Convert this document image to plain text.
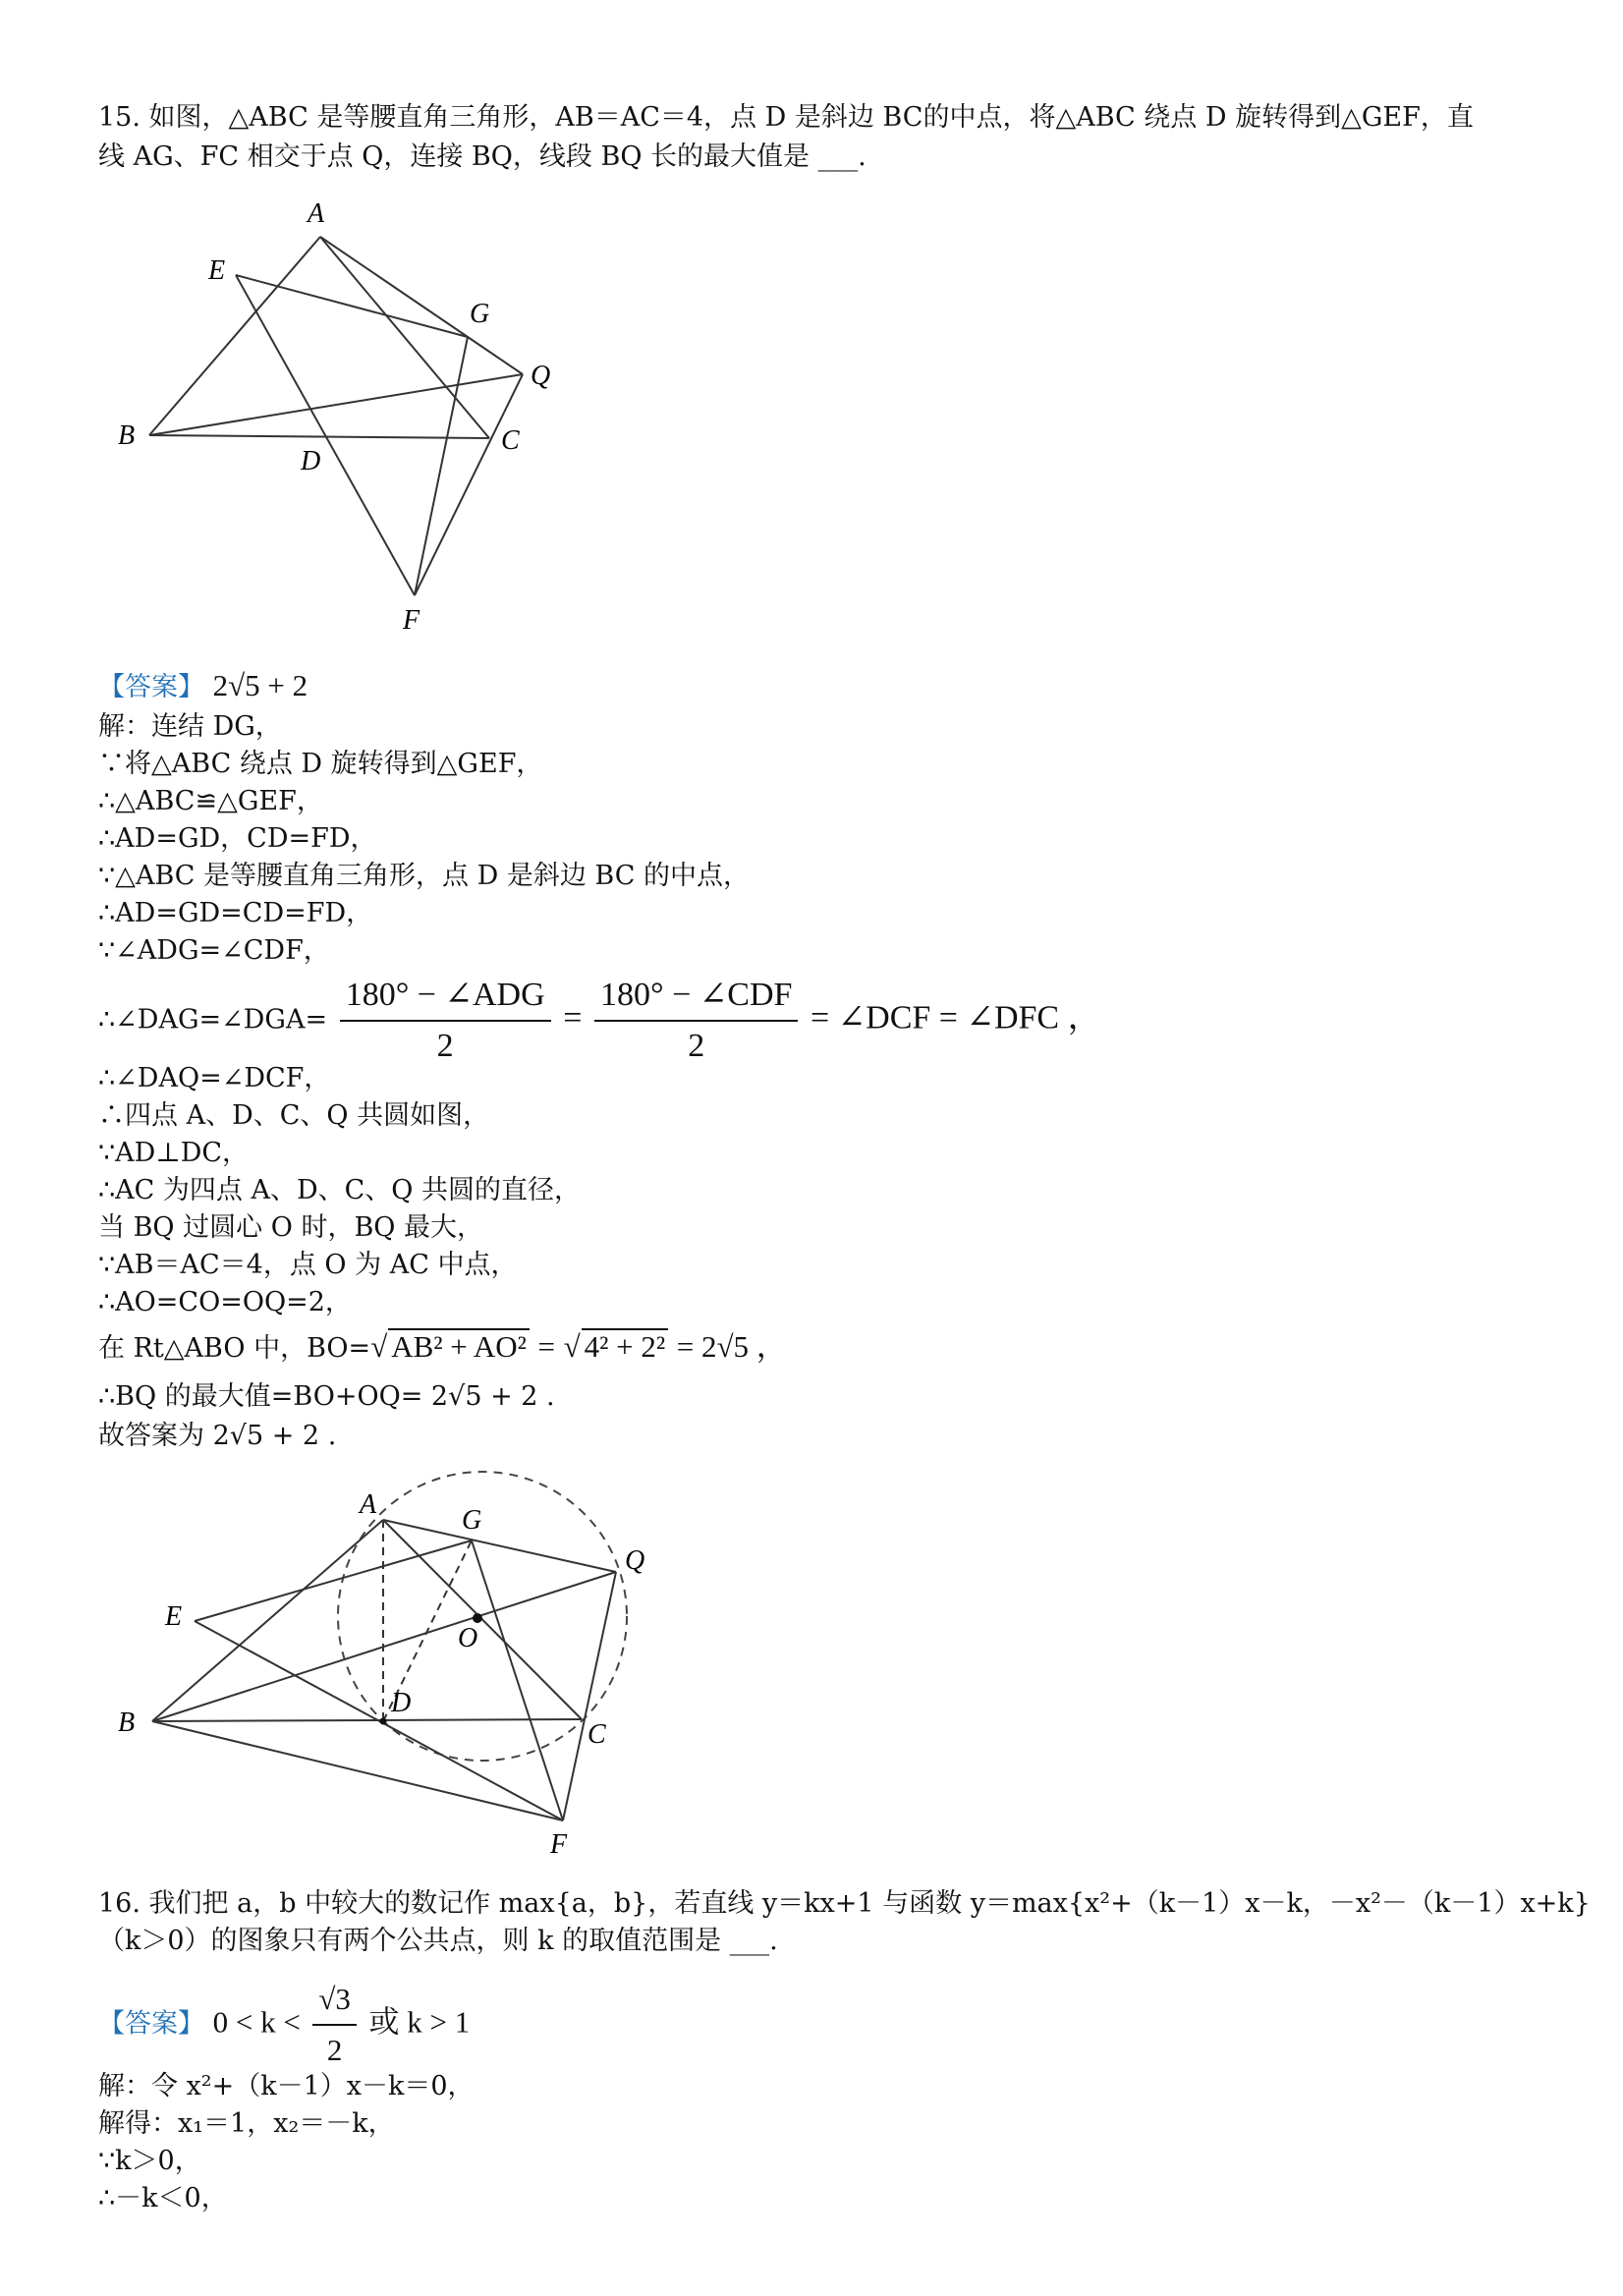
15. 如图，△ABC 是等腰直角三角形，AB＝AC＝4，点 D 是斜边 BC的中点，将△ABC 绕点 D 旋转得到△GEF，直
线 AG、FC 相交于点 Q，连接 BQ，线段 BQ 长的最大值是 ___.
A
E
G
Q
B
D
C
F
【答案】 2√5 + 2
解：连结 DG，
∵将△ABC 绕点 D 旋转得到△GEF，
∴△ABC≌△GEF，
∴AD=GD，CD=FD，
∵△ABC 是等腰直角三角形，点 D 是斜边 BC 的中点，
∴AD=GD=CD=FD，
∵∠ADG=∠CDF，
∴∠DAG=∠DGA= $\frac{\text{180° − ∠ADG}}{2} = \frac{\text{180° − ∠CDF}}{2}$ = ∠DCF = ∠DFC ，
∴∠DAQ=∠DCF，
∴四点 A、D、C、Q 共圆如图，
∵AD⊥DC，
∴AC 为四点 A、D、C、Q 共圆的直径，
当 BQ 过圆心 O 时，BQ 最大，
∵AB＝AC＝4，点 O 为 AC 中点，
∴AO=CO=OQ=2，
在 Rt△ABO 中，BO=√ AB² + AO² = √ 4² + 2² = 2√5 ，
∴BQ 的最大值=BO+OQ= 2√5 + 2 .
故答案为 2√5 + 2 .
A
G
Q
E
O
B
D
C
F
16. 我们把 a，b 中较大的数记作 max{a，b}，若直线 y＝kx+1 与函数 y＝max{x²+（k－1）x－k，－x²－（k－1）x+k}
（k＞0）的图象只有两个公共点，则 k 的取值范围是 ___.
【答案】 $0 < k < \frac{√3}{2}$ 或 k > 1
解：令 x²+（k－1）x－k＝0，
解得：x₁＝1，x₂＝－k，
∵k＞0，
∴－k＜0，
